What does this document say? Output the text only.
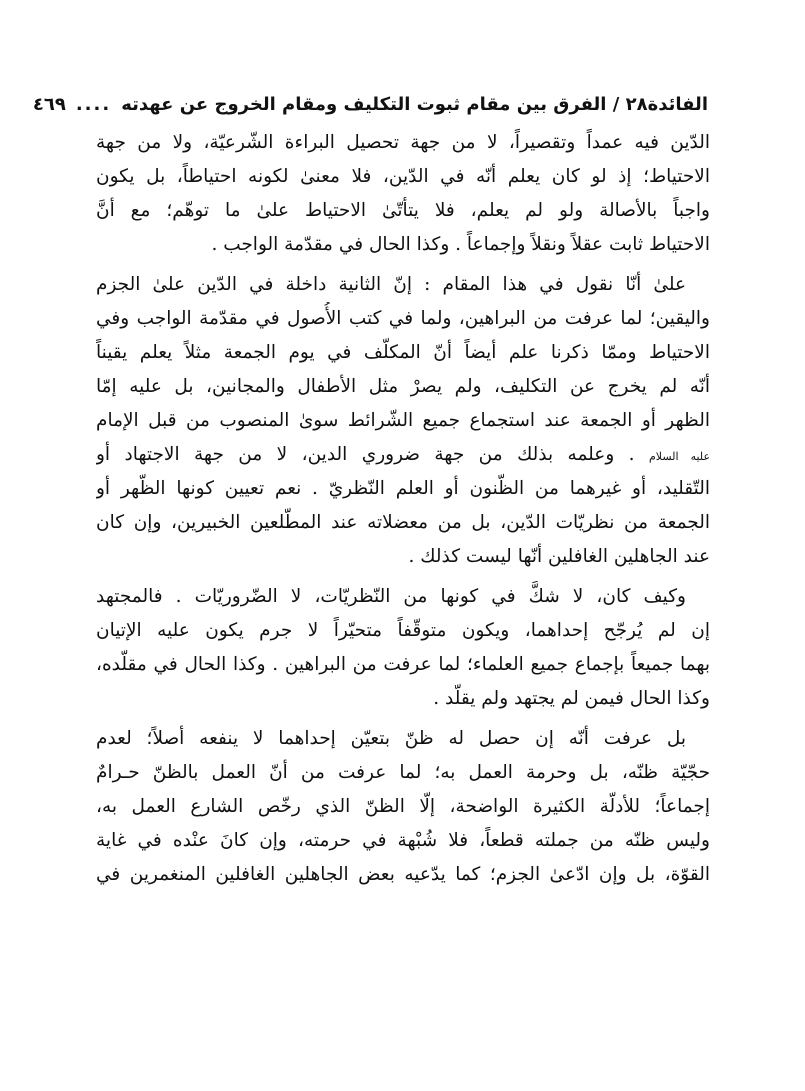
الفائدة٢٨ / الفرق بين مقام ثبوت التكليف ومقام الخروج عن عهدته
....
٤٦٩
الدّين فيه عمداً وتقصيراً، لا من جهة تحصيل البراءة الشّرعيّة، ولا من جهة
الاحتياط؛ إذ لو كان يعلم أنّه في الدّين، فلا معنىٰ لكونه احتياطاً، بل يكون
واجباً بالأصالة ولو لم يعلم، فلا يتأتّىٰ الاحتياط علىٰ ما توهّم؛ مع أنَّ
الاحتياط ثابت عقلاً ونقلاً وإجماعاً . وكذا الحال في مقدّمة الواجب .
علىٰ أنّا نقول في هذا المقام : إنّ الثانية داخلة في الدّين علىٰ الجزم
واليقين؛ لما عرفت من البراهين، ولما في كتب الأُصول في مقدّمة الواجب وفي
الاحتياط وممّا ذكرنا علم أيضاً أنّ المكلّف في يوم الجمعة مثلاً يعلم يقيناً
أنّه لم يخرج عن التكليف، ولم يصرْ مثل الأطفال والمجانين، بل عليه إمّا
الظهر أو الجمعة عند استجماع جميع الشّرائط سوىٰ المنصوب من قبل الإمام
عليه السلام . وعلمه بذلك من جهة ضروري الدين، لا من جهة الاجتهاد أو
التّقليد، أو غيرهما من الظّنون أو العلم النّظريّ . نعم تعيين كونها الظّهر أو
الجمعة من نظريّات الدّين، بل من معضلاته عند المطّلعين الخبيرين، وإن كان
عند الجاهلين الغافلين أنّها ليست كذلك .
وكيف كان، لا شكَّ في كونها من النّظريّات، لا الضّروريّات . فالمجتهد
إن لم يُرجّح إحداهما، ويكون متوقّفاً متحيّراً لا جرم يكون عليه الإتيان
بهما جميعاً بإجماع جميع العلماء؛ لما عرفت من البراهين . وكذا الحال في مقلّده،
وكذا الحال فيمن لم يجتهد ولم يقلّد .
بل عرفت أنّه إن حصل له ظنّ بتعيّن إحداهما لا ينفعه أصلاً؛ لعدم
حجّيّة ظنّه، بل وحرمة العمل به؛ لما عرفت من أنّ العمل بالظنّ حـرامٌ
إجماعاً؛ للأدلّة الكثيرة الواضحة، إلّا الظنّ الذي رخّص الشارع العمل به،
وليس ظنّه من جملته قطعاً، فلا شُبْهة في حرمته، وإن كانَ عنْده في غاية
القوّة، بل وإن ادّعىٰ الجزم؛ كما يدّعيه بعض الجاهلين الغافلين المنغمرين في
